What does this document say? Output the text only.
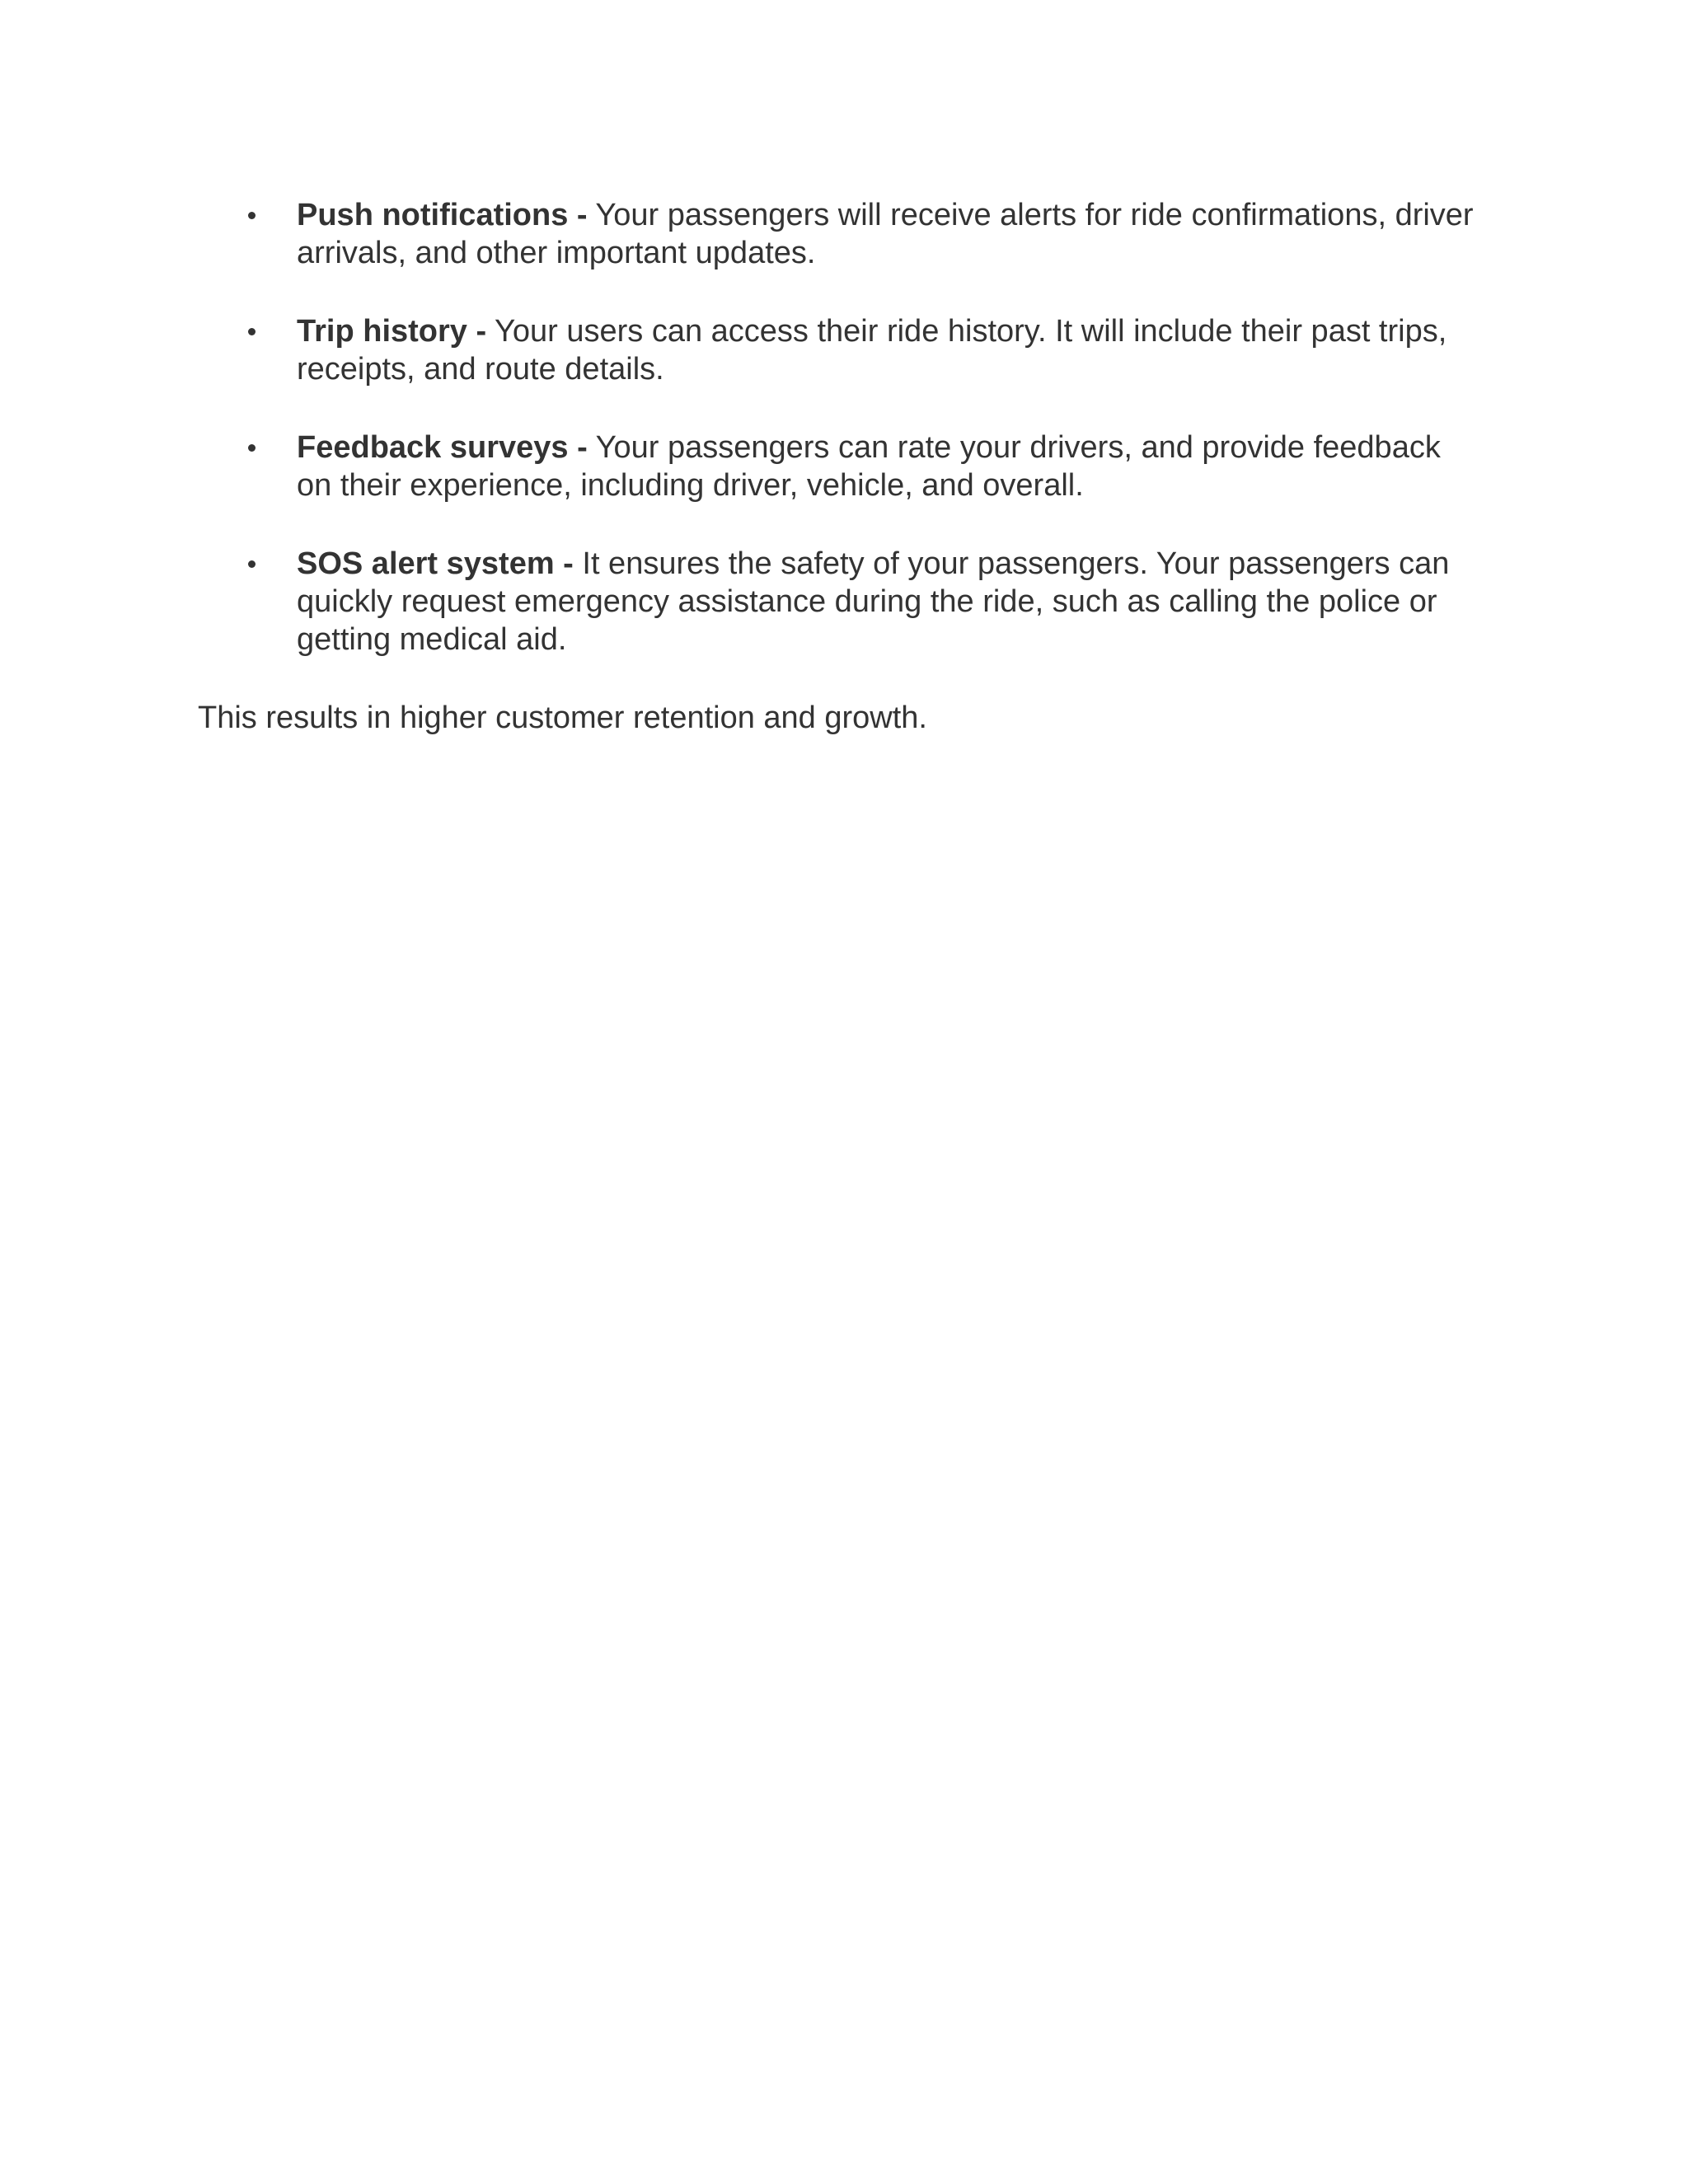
Push notifications - Your passengers will receive alerts for ride confirmations, driver arrivals, and other important updates.
Trip history - Your users can access their ride history. It will include their past trips, receipts, and route details.
Feedback surveys - Your passengers can rate your drivers, and provide feedback on their experience, including driver, vehicle, and overall.
SOS alert system - It ensures the safety of your passengers. Your passengers can quickly request emergency assistance during the ride, such as calling the police or getting medical aid.

This results in higher customer retention and growth.
